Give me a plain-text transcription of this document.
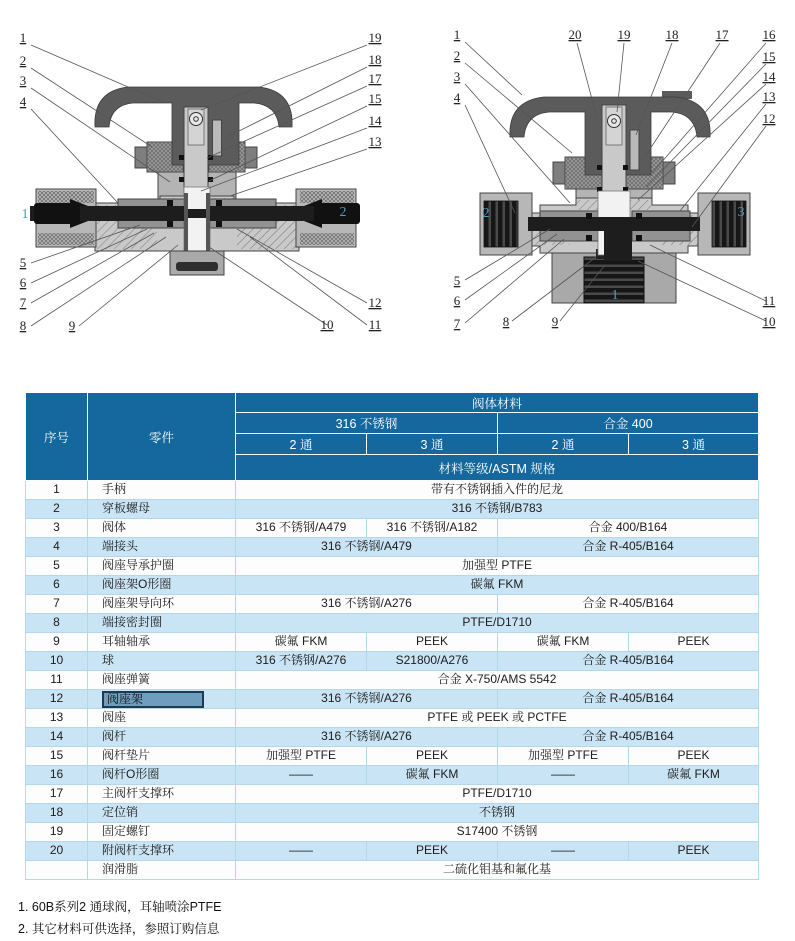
1
2
3
4
5
6
7
8	9
19
18
17
15
14
13
12
10	11
1	2
1
2
3
4
20	19	18	17	16
15
14
13
12
5
6
7	8	9
11
10
2	3
1
序号	零件	阀体材料			
		316 不锈钢		合金 400	
		2 通	3 通	2 通	3 通
		材料等级/ASTM 规格			
1	手柄	带有不锈钢插入件的尼龙			
2	穿板螺母	316 不锈钢/B783			
3	阀体	316 不锈钢/A479	316 不锈钢/A182	合金 400/B164	
4	端接头	316 不锈钢/A479		合金 R-405/B164	
5	阀座导承护圈	加强型 PTFE			
6	阀座架O形圈	碳氟 FKM			
7	阀座架导向环	316 不锈钢/A276		合金 R-405/B164	
8	端接密封圈	PTFE/D1710			
9	耳轴轴承	碳氟 FKM	PEEK	碳氟 FKM	PEEK
10	球	316 不锈钢/A276	S21800/A276	合金 R-405/B164	
11	阀座弹簧	合金 X-750/AMS 5542			
12	阀座架	316 不锈钢/A276		合金 R-405/B164	
13	阀座	PTFE 或 PEEK 或 PCTFE			
14	阀杆	316 不锈钢/A276		合金 R-405/B164	
15	阀杆垫片	加强型 PTFE	PEEK	加强型 PTFE	PEEK
16	阀杆O形圈	——	碳氟 FKM	——	碳氟 FKM
17	主阀杆支撑环	PTFE/D1710			
18	定位销	不锈钢			
19	固定螺钉	S17400 不锈钢			
20	附阀杆支撑环	——	PEEK	——	PEEK
	润滑脂	二硫化钼基和氟化基			
1. 60B系列2 通球阀，耳轴喷涂PTFE
2. 其它材料可供选择，参照订购信息
